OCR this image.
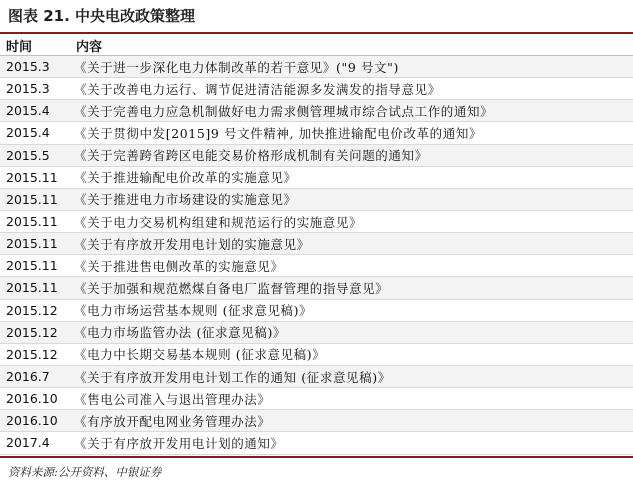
图表 21. 中央电改政策整理
时间	内容
2015.3	《关于进一步深化电力体制改革的若干意见》("9 号文")
2015.3	《关于改善电力运行、调节促进清洁能源多发满发的指导意见》
2015.4	《关于完善电力应急机制做好电力需求侧管理城市综合试点工作的通知》
2015.4	《关于贯彻中发[2015]9 号文件精神, 加快推进输配电价改革的通知》
2015.5	《关于完善跨省跨区电能交易价格形成机制有关问题的通知》
2015.11	《关于推进输配电价改革的实施意见》
2015.11	《关于推进电力市场建设的实施意见》
2015.11	《关于电力交易机构组建和规范运行的实施意见》
2015.11	《关于有序放开发用电计划的实施意见》
2015.11	《关于推进售电侧改革的实施意见》
2015.11	《关于加强和规范燃煤自备电厂监督管理的指导意见》
2015.12	《电力市场运营基本规则 (征求意见稿)》
2015.12	《电力市场监管办法 (征求意见稿)》
2015.12	《电力中长期交易基本规则 (征求意见稿)》
2016.7	《关于有序放开发用电计划工作的通知 (征求意见稿)》
2016.10	《售电公司准入与退出管理办法》
2016.10	《有序放开配电网业务管理办法》
2017.4	《关于有序放开发用电计划的通知》
资料来源:公开资料、中银证券
